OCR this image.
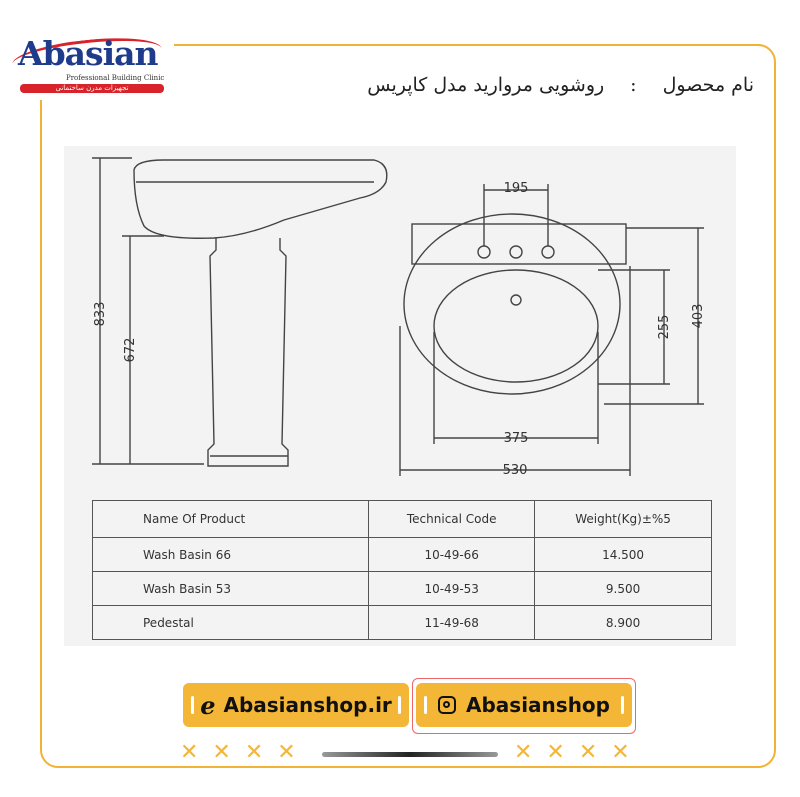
Abasian
Professional Building Clinic
تجهیزات مدرن ساختمانی	نام محصول:روشویی مروارید مدل کاپریس
833
672
195
255 403
375
530
Name Of Product	Technical Code	Weight(Kg)±%5
Wash Basin 66	10-49-66	14.500
Wash Basin 53	10-49-53	9.500
Pedestal	11-49-68	8.900
e Abasianshop.ir	Abasianshop
✕✕✕✕	✕✕✕✕
